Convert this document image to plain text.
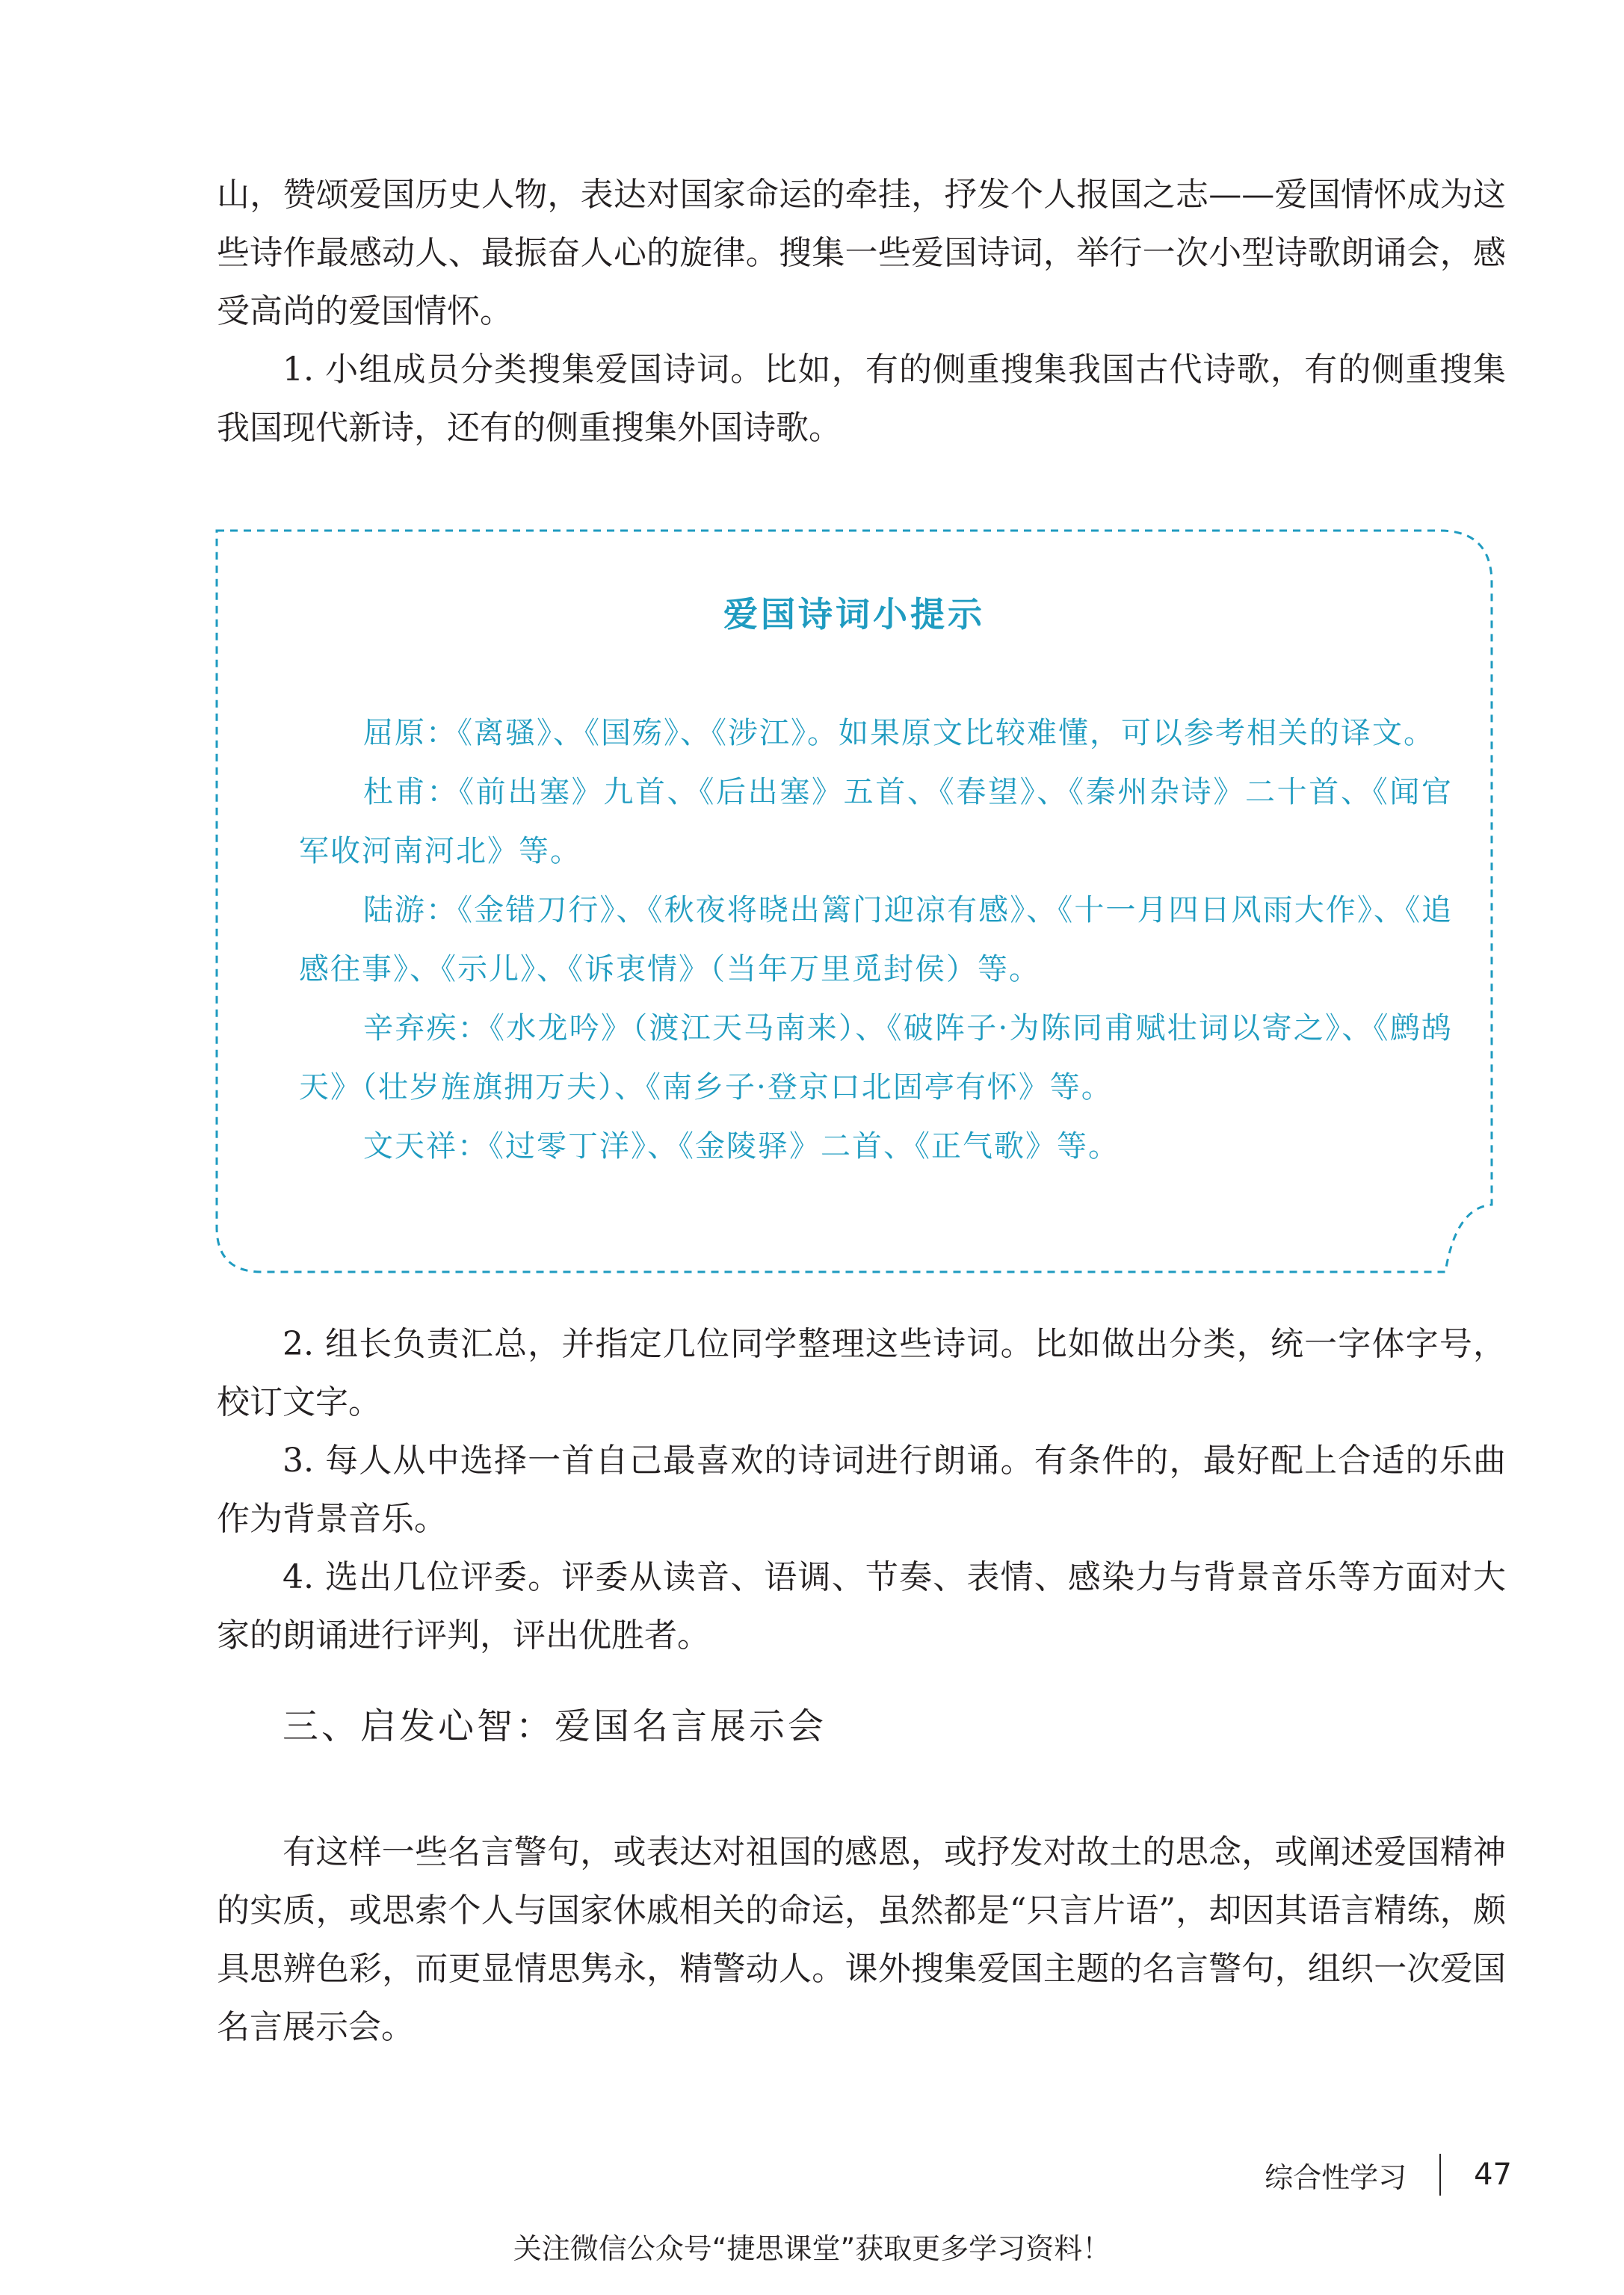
山，赞颂爱国历史人物，表达对国家命运的牵挂，抒发个人报国之志——爱国情怀成为这些诗作最感动人、最振奋人心的旋律。搜集一些爱国诗词，举行一次小型诗歌朗诵会，感受高尚的爱国情怀。

1. 小组成员分类搜集爱国诗词。比如，有的侧重搜集我国古代诗歌，有的侧重搜集我国现代新诗，还有的侧重搜集外国诗歌。

爱国诗词小提示
屈原：《离骚》、《国殇》、《涉江》。如果原文比较难懂，可以参考相关的译文。
杜甫：《前出塞》九首、《后出塞》五首、《春望》、《秦州杂诗》二十首、《闻官军收河南河北》等。
陆游：《金错刀行》、《秋夜将晓出篱门迎凉有感》、《十一月四日风雨大作》、《追感往事》、《示儿》、《诉衷情》（当年万里觅封侯）等。
辛弃疾：《水龙吟》（渡江天马南来）、《破阵子·为陈同甫赋壮词以寄之》、《鹧鸪天》（壮岁旌旗拥万夫）、《南乡子·登京口北固亭有怀》等。
文天祥：《过零丁洋》、《金陵驿》二首、《正气歌》等。

2. 组长负责汇总，并指定几位同学整理这些诗词。比如做出分类，统一字体字号，校订文字。

3. 每人从中选择一首自己最喜欢的诗词进行朗诵。有条件的，最好配上合适的乐曲作为背景音乐。

4. 选出几位评委。评委从读音、语调、节奏、表情、感染力与背景音乐等方面对大家的朗诵进行评判，评出优胜者。

三、启发心智：爱国名言展示会

有这样一些名言警句，或表达对祖国的感恩，或抒发对故土的思念，或阐述爱国精神的实质，或思索个人与国家休戚相关的命运，虽然都是“只言片语”，却因其语言精练，颇具思辨色彩，而更显情思隽永，精警动人。课外搜集爱国主题的名言警句，组织一次爱国名言展示会。

综合性学习 47

关注微信公众号“捷思课堂”获取更多学习资料！
